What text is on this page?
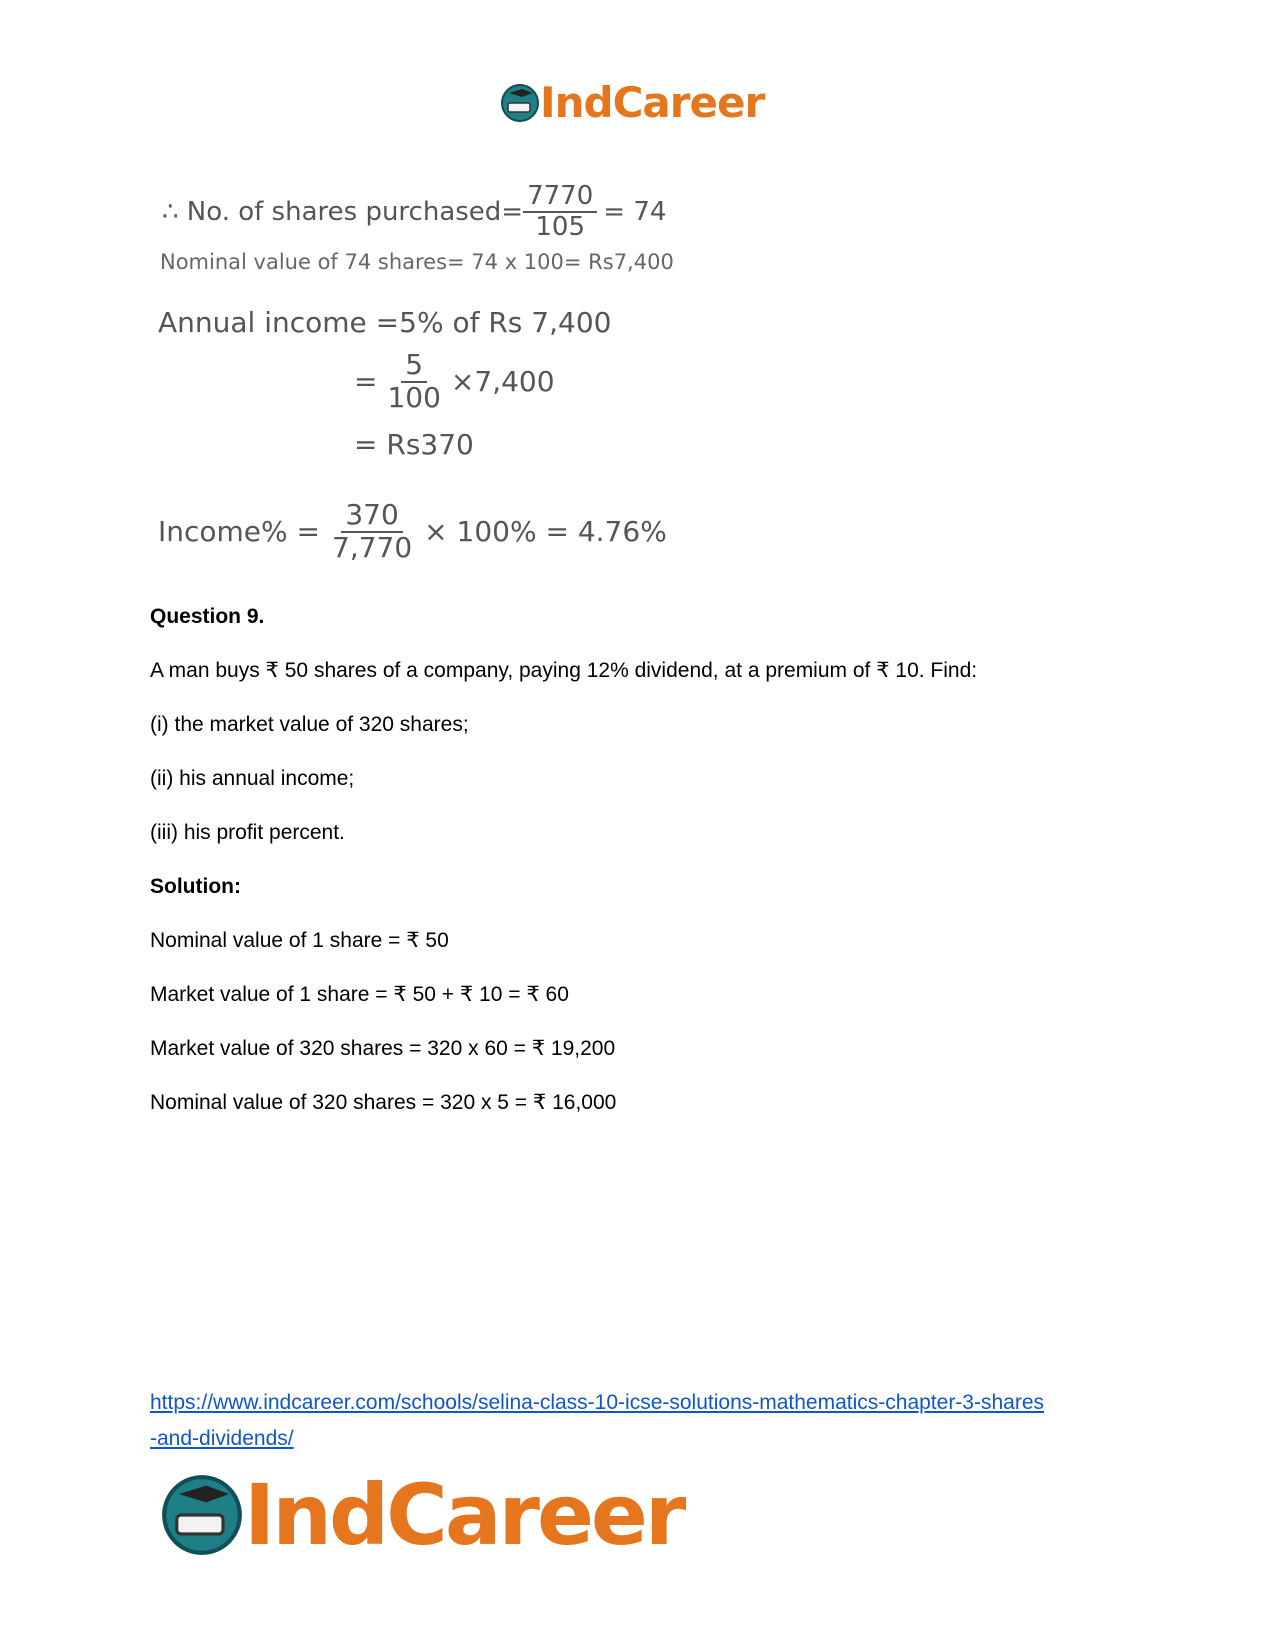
IndCareer
∴ No. of shares purchased= $\frac{7770}{105} = 74$
Nominal value of 74 shares= 74 x 100= Rs7,400
Annual income =5% of Rs 7,400
= $\frac{5}{100} \times 7,400$
= Rs370
Income% = $\frac{370}{7,770} \times 100\% = 4.76\%$
Question 9.
A man buys ₹ 50 shares of a company, paying 12% dividend, at a premium of ₹ 10. Find:
(i) the market value of 320 shares;
(ii) his annual income;
(iii) his profit percent.
Solution:
Nominal value of 1 share = ₹ 50
Market value of 1 share = ₹ 50 + ₹ 10 = ₹ 60
Market value of 320 shares = 320 x 60 = ₹ 19,200
Nominal value of 320 shares = 320 x 5 = ₹ 16,000
https://www.indcareer.com/schools/selina-class-10-icse-solutions-mathematics-chapter-3-shares
-and-dividends/
IndCareer
